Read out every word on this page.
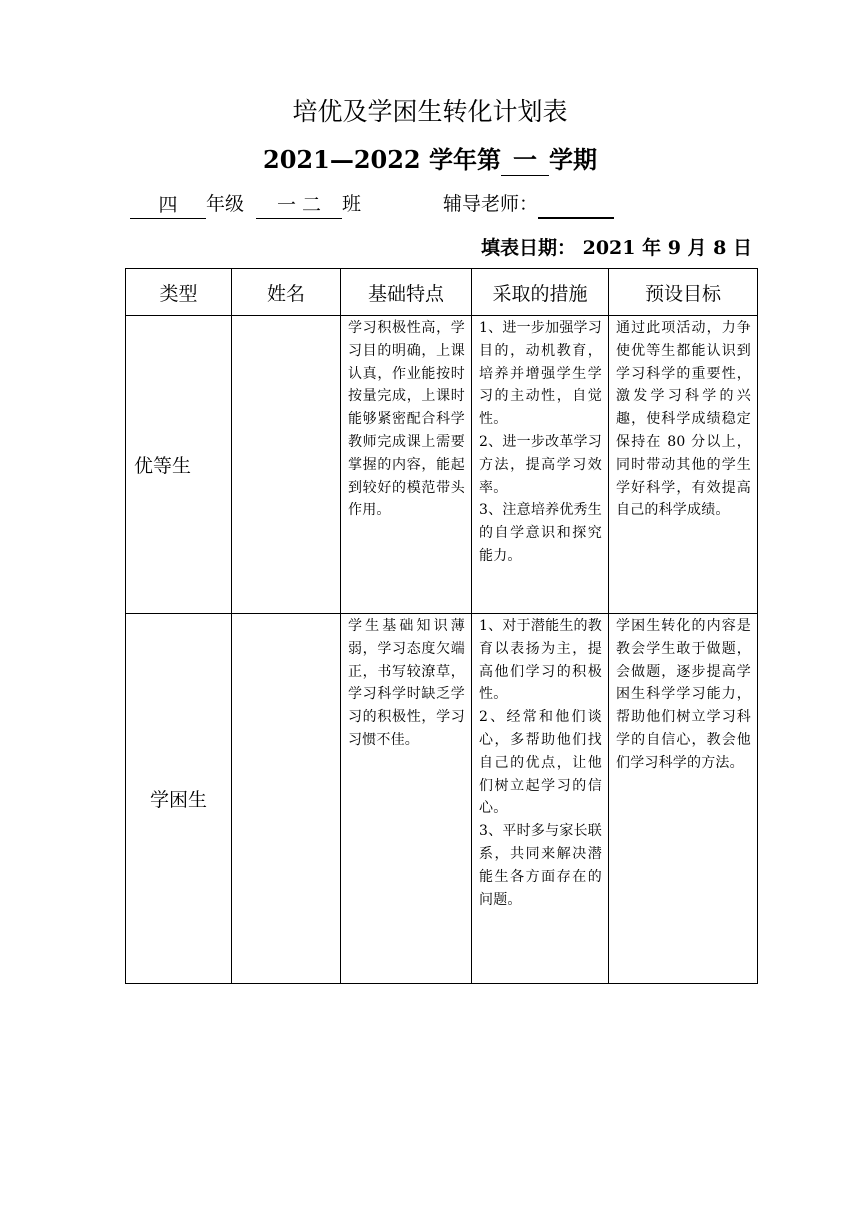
培优及学困生转化计划表
2021—2022 学年第 一 学期
四 年级 一 二 班	辅导老师：
填表日期： 2021 年 9 月 8 日
类型	姓名	基础特点	采取的措施	预设目标
优等生		学习积极性高，学习目的明确，上课认真，作业能按时按量完成，上课时能够紧密配合科学教师完成课上需要掌握的内容，能起到较好的模范带头作用。	1、进一步加强学习目的，动机教育，培养并增强学生学习的主动性，自觉性。
2、进一步改革学习方法，提高学习效率。
3、注意培养优秀生的自学意识和探究能力。	通过此项活动，力争使优等生都能认识到学习科学的重要性，激发学习科学的兴趣，使科学成绩稳定保持在 80 分以上，同时带动其他的学生学好科学，有效提高自己的科学成绩。
学困生		学生基础知识薄弱，学习态度欠端正，书写较潦草，学习科学时缺乏学习的积极性，学习习惯不佳。	1、对于潜能生的教育以表扬为主，提高他们学习的积极性。
2、经常和他们谈心，多帮助他们找自己的优点，让他们树立起学习的信心。
3、平时多与家长联系，共同来解决潜能生各方面存在的问题。	学困生转化的内容是教会学生敢于做题，会做题，逐步提高学困生科学学习能力，帮助他们树立学习科学的自信心，教会他们学习科学的方法。
